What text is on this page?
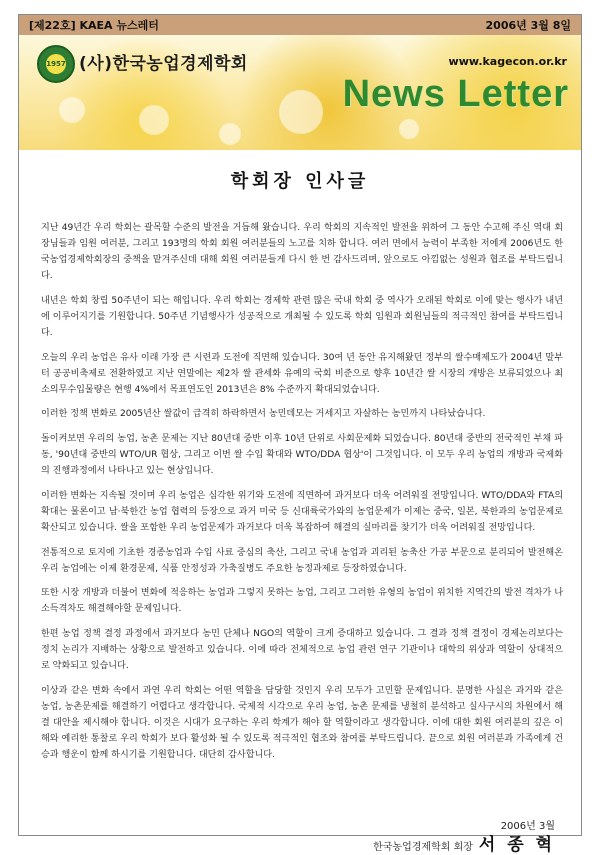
[제22호] KAEA 뉴스레터	2006년 3월 8일
1957 (사)한국농업경제학회	www.kagecon.or.kr
News Letter
학회장 인사글

지난 49년간 우리 학회는 괄목할 수준의 발전을 거듭해 왔습니다. 우리 학회의 지속적인 발전을 위하여 그 동안 수고해 주신 역대 회장님들과 임원 여러분, 그리고 193명의 학회 회원 여러분들의 노고를 치하 합니다. 여러 면에서 능력이 부족한 저에게 2006년도 한국농업경제학회장의 중책을 맡겨주신데 대해 회원 여러분들게 다시 한 번 감사드리며, 앞으로도 아낌없는 성원과 협조를 부탁드립니다.

내년은 학회 창립 50주년이 되는 해입니다. 우리 학회는 경제학 관련 많은 국내 학회 중 역사가 오래된 학회로 이에 맞는 행사가 내년에 이루어지기를 기원합니다. 50주년 기념행사가 성공적으로 개최될 수 있도록 학회 임원과 회원님들의 적극적인 참여를 부탁드립니다.

오늘의 우리 농업은 유사 이래 가장 큰 시련과 도전에 직면해 있습니다. 30여 년 동안 유지해왔던 정부의 쌀수매제도가 2004년 말부터 공공비축제로 전환하였고 지난 연말에는 제2차 쌀 관세화 유예의 국회 비준으로 향후 10년간 쌀 시장의 개방은 보류되었으나 최소의무수입물량은 현행 4%에서 목표연도인 2013년은 8% 수준까지 확대되었습니다.

이러한 정책 변화로 2005년산 쌀값이 급격히 하락하면서 농민데모는 거세지고 자살하는 농민까지 나타났습니다.

돌이켜보면 우리의 농업, 농촌 문제는 지난 80년대 중반 이후 10년 단위로 사회문제화 되었습니다. 80년대 중반의 전국적인 부채 파동, '90년대 중반의 WTO/UR 협상, 그리고 이번 쌀 수입 확대와 WTO/DDA 협상'이 그것입니다. 이 모두 우리 농업의 개방과 국제화의 진행과정에서 나타나고 있는 현상입니다.

이러한 변화는 지속될 것이며 우리 농업은 심각한 위기와 도전에 직면하여 과거보다 더욱 어려워질 전망입니다. WTO/DDA와 FTA의 확대는 물론이고 남·북한간 농업 협력의 등장으로 과거 미국 등 신대륙국가와의 농업문제가 이제는 중국, 일본, 북한과의 농업문제로 확산되고 있습니다. 쌀을 포함한 우리 농업문제가 과거보다 더욱 복잡하여 해결의 실마리를 찾기가 더욱 어려워질 전망입니다.

전통적으로 토지에 기초한 경종농업과 수입 사료 중심의 축산, 그리고 국내 농업과 괴리된 농축산 가공 부문으로 분리되어 발전해온 우리 농업에는 이제 환경문제, 식품 안정성과 가축질병도 주요한 농정과제로 등장하였습니다.

또한 시장 개방과 더불어 변화에 적응하는 농업과 그렇지 못하는 농업, 그리고 그러한 유형의 농업이 위치한 지역간의 발전 격차가 나 소득격차도 해결해야할 문제입니다.

한편 농업 정책 결정 과정에서 과거보다 농민 단체나 NGO의 역할이 크게 증대하고 있습니다. 그 결과 정책 결정이 경제논리보다는 정치 논리가 지배하는 상황으로 발전하고 있습니다. 이에 따라 전체적으로 농업 관련 연구 기관이나 대학의 위상과 역할이 상대적으로 약화되고 있습니다.

이상과 같은 변화 속에서 과연 우리 학회는 어떤 역할을 담당할 것인지 우리 모두가 고민할 문제입니다. 분명한 사실은 과거와 같은 농업, 농촌문제를 해결하기 어렵다고 생각합니다. 국제적 시각으로 우리 농업, 농촌 문제를 냉철히 분석하고 실사구시의 차원에서 해결 대안을 제시해야 합니다. 이것은 시대가 요구하는 우리 학계가 해야 할 역할이라고 생각합니다. 이에 대한 회원 여러분의 깊은 이해와 예리한 통찰로 우리 학회가 보다 활성화 될 수 있도록 적극적인 협조와 참여를 부탁드립니다. 끝으로 회원 여러분과 가족에게 건승과 행운이 함께 하시기를 기원합니다. 대단히 감사합니다.

2006년 3월
한국농업경제학회 회장 서 종 혁
